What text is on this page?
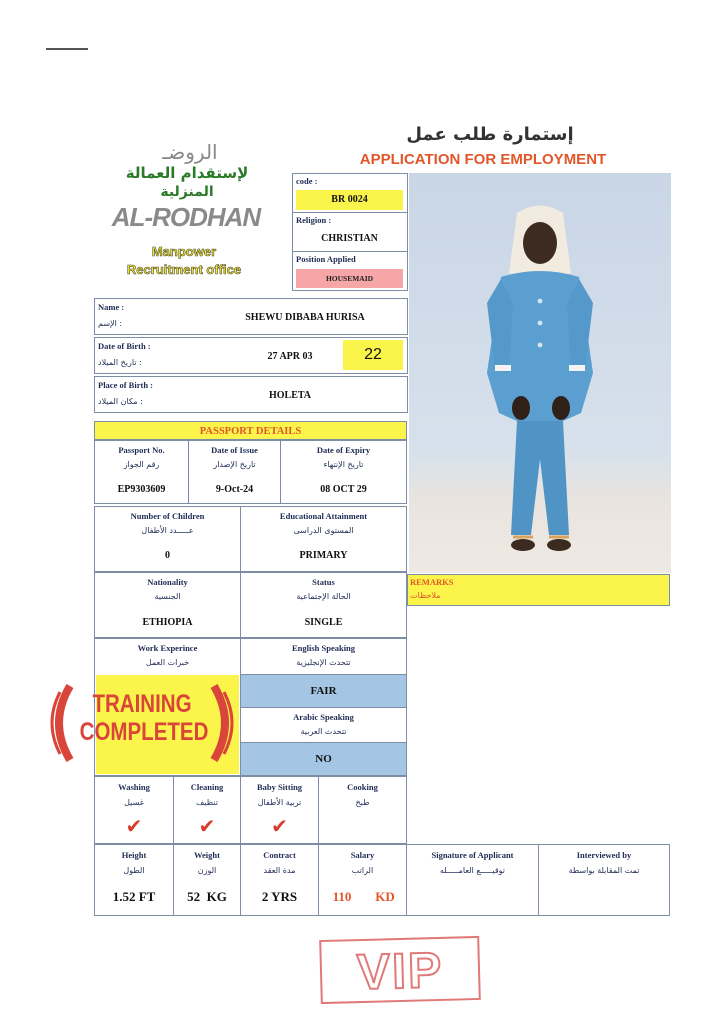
إستمارة طلب عمل
APPLICATION FOR EMPLOYMENT
الروضـ
لإستقدام العمالة
المنزلية
AL-RODHAN
Manpower
Recruitment office
code :
BR 0024
Religion :
CHRISTIAN
Position Applied
HOUSEMAID
Name :
الإسم :
SHEWU DIBABA HURISA
Date of Birth :
تاريخ الميلاد :
27 APR 03	22
Place of Birth :
مكان الميلاد :
HOLETA
PASSPORT DETAILS
Passport No.
رقم الجواز
EP9303609
Date of Issue
تاريخ الإصدار
9-Oct-24
Date of Expiry
تاريخ الإنتهاء
08 OCT 29
Number of Children
عـــــدد الأطفال
0
Educational Attainment
المستوى الدراسى
PRIMARY
Nationality
الجنسية
ETHIOPIA
Status
الحالة الإجتماعية
SINGLE
REMARKS
ملاحظات
Work Experince
خبرات العمل
TRAINING
COMPLETED
English Speaking
تتحدث الإنجليزية
FAIR
Arabic Speaking
تتحدث العربية
NO
Washing
غسيل
✔
Cleaning
تنظيف
✔
Baby Sitting
تربية الأطفال
✔
Cooking
طبخ
Height
الطول
1.52 FT
Weight
الوزن
52  KG
Contract
مدة العقد
2 YRS
Salary
الراتب
110	KD
Signature of Applicant
توقيـــــع العامـــــله
Interviewed by
تمت المقابلة بواسطة
VIP
